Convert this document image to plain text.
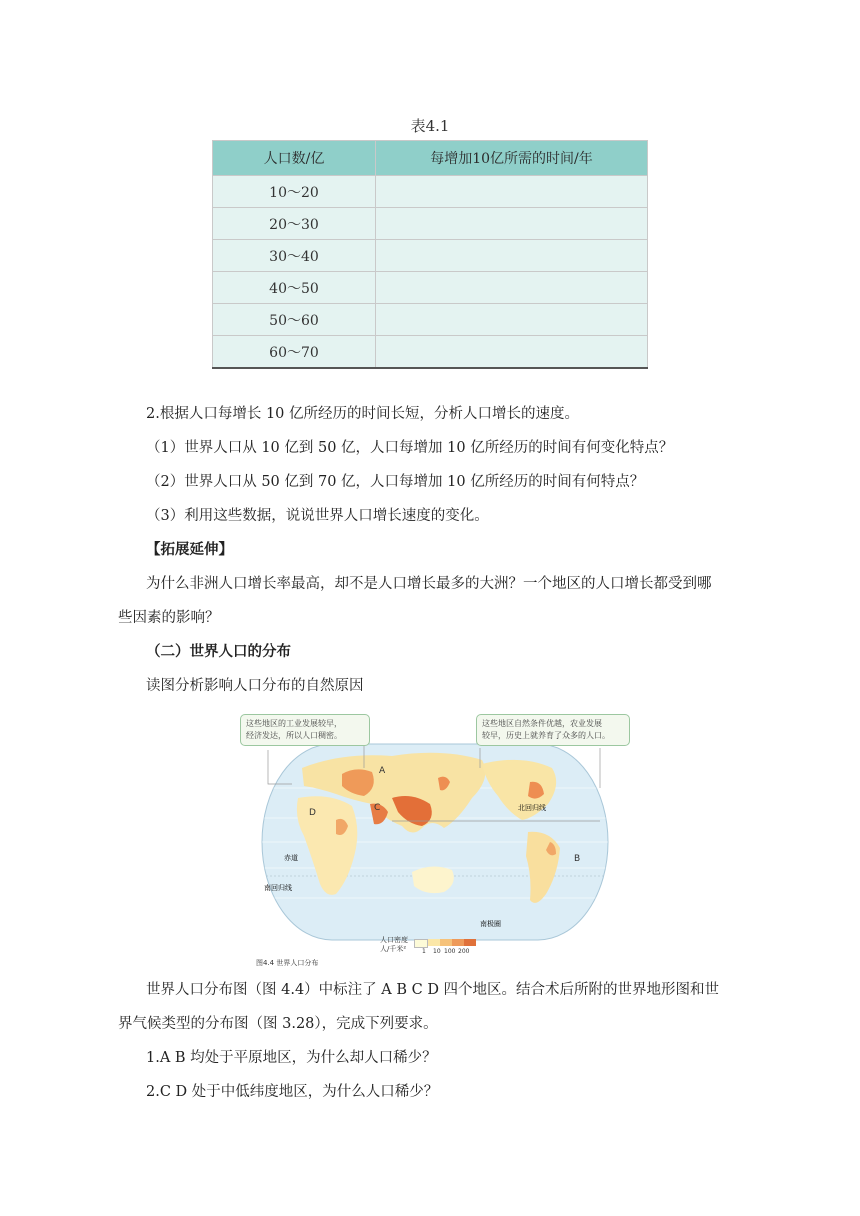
表4.1
人口数/亿	每增加10亿所需的时间/年
10～20	
20～30	
30～40	
40～50	
50～60	
60～70	
2.根据人口每增长 10 亿所经历的时间长短，分析人口增长的速度。
（1）世界人口从 10 亿到 50 亿，人口每增加 10 亿所经历的时间有何变化特点？
（2）世界人口从 50 亿到 70 亿，人口每增加 10 亿所经历的时间有何特点？
（3）利用这些数据，说说世界人口增长速度的变化。
【拓展延伸】
为什么非洲人口增长率最高，却不是人口增长最多的大洲？一个地区的人口增长都受到哪
些因素的影响？
（二）世界人口的分布
读图分析影响人口分布的自然原因
赤道
南回归线
北回归线
南极圈
A
B
C
D
这些地区的工业发展较早，
经济发达，所以人口稠密。
这些地区自然条件优越，农业发展
较早，历史上就养育了众多的人口。
图4.4 世界人口分布
人口密度
人/千米²	1 10 100 200
世界人口分布图（图 4.4）中标注了 A B C D 四个地区。结合术后所附的世界地形图和世
界气候类型的分布图（图 3.28），完成下列要求。
1.A B 均处于平原地区，为什么却人口稀少？
2.C D 处于中低纬度地区，为什么人口稀少？
